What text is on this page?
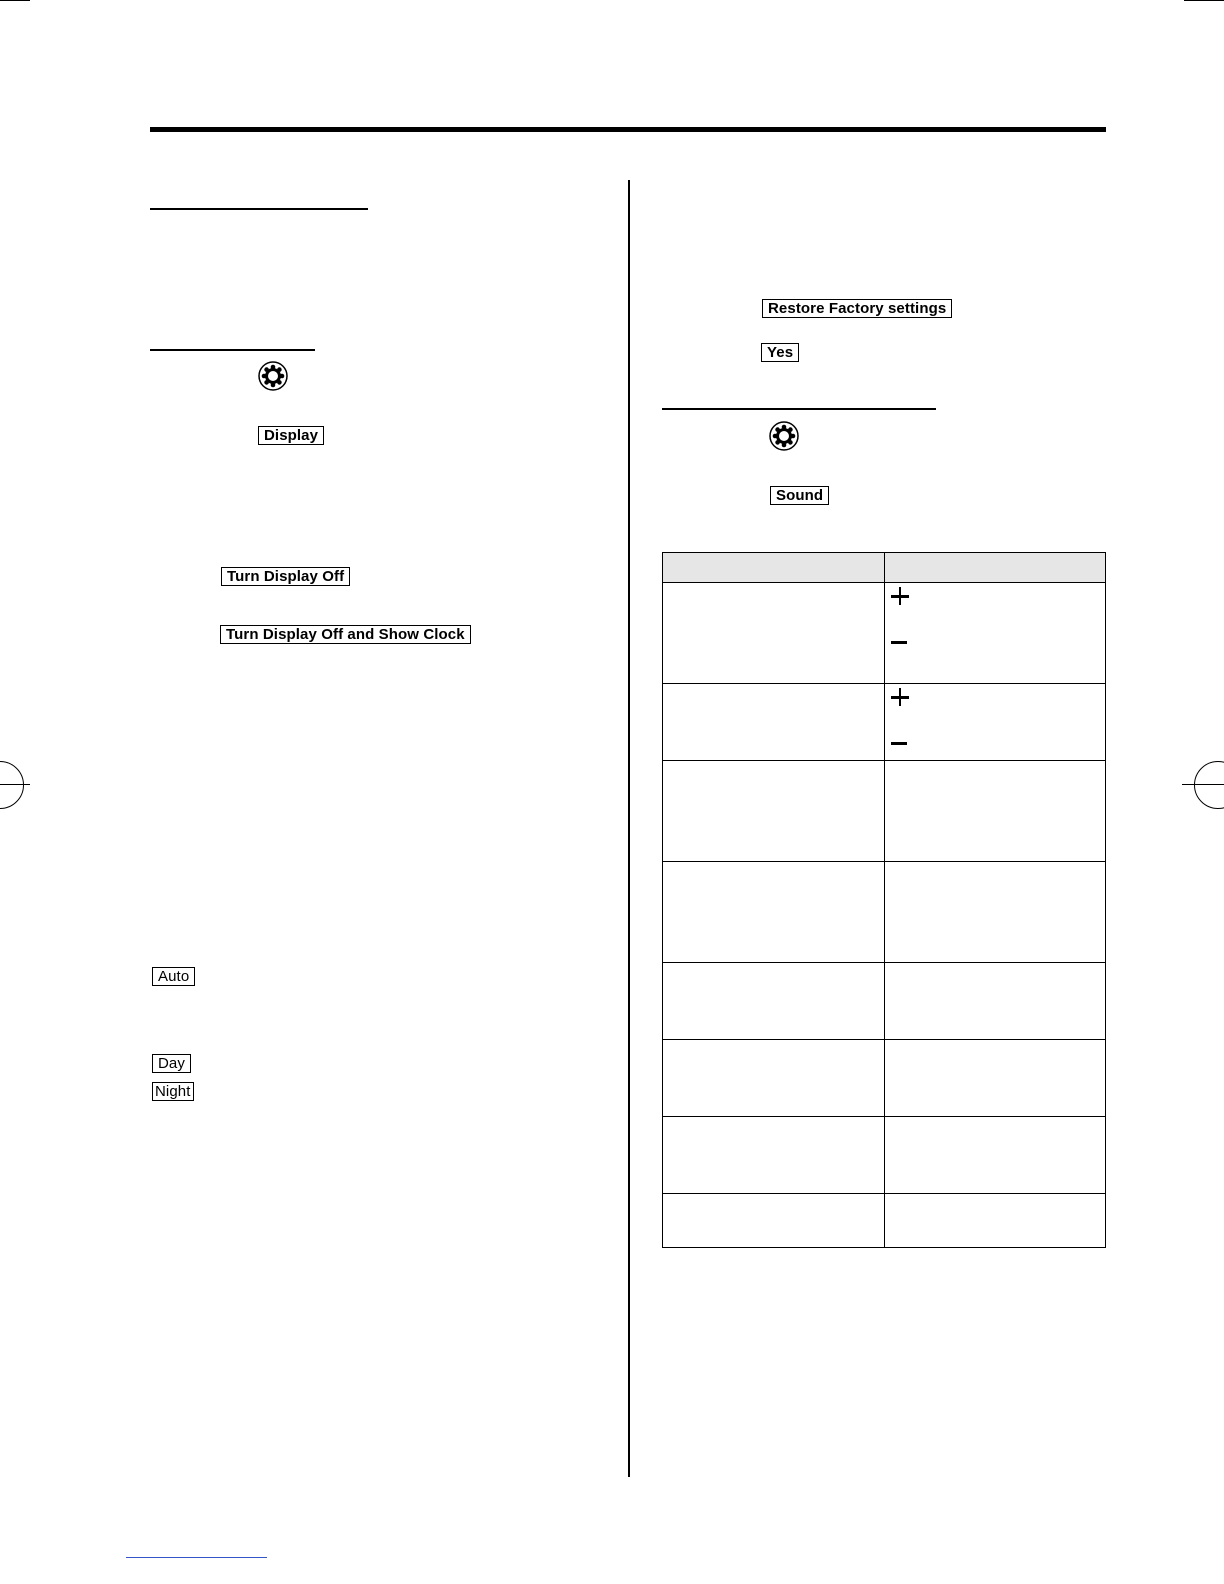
Display
Turn Display Off
Turn Display Off and Show Clock
Auto
Day
Night
Restore Factory settings
Yes
Sound
